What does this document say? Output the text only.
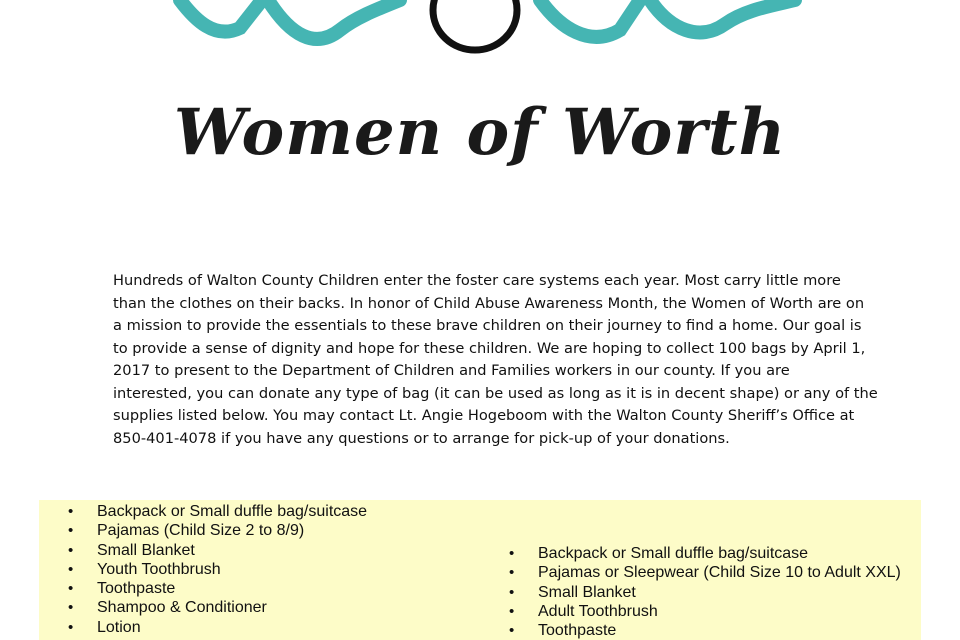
Women of Worth
Hundreds of Walton County Children enter the foster care systems each year. Most carry little more
than the clothes on their backs. In honor of Child Abuse Awareness Month, the Women of Worth are on
a mission to provide the essentials to these brave children on their journey to find a home. Our goal is
to provide a sense of dignity and hope for these children. We are hoping to collect 100 bags by April 1,
2017 to present to the Department of Children and Families workers in our county. If you are
interested, you can donate any type of bag (it can be used as long as it is in decent shape) or any of the
supplies listed below. You may contact Lt. Angie Hogeboom with the Walton County Sheriff’s Office at
850-401-4078 if you have any questions or to arrange for pick-up of your donations.
• Backpack or Small duffle bag/suitcase
• Pajamas (Child Size 2 to 8/9)
• Small Blanket
• Youth Toothbrush
• Toothpaste
• Shampoo & Conditioner
• Lotion
• Backpack or Small duffle bag/suitcase
• Pajamas or Sleepwear (Child Size 10 to Adult XXL)
• Small Blanket
• Adult Toothbrush
• Toothpaste
